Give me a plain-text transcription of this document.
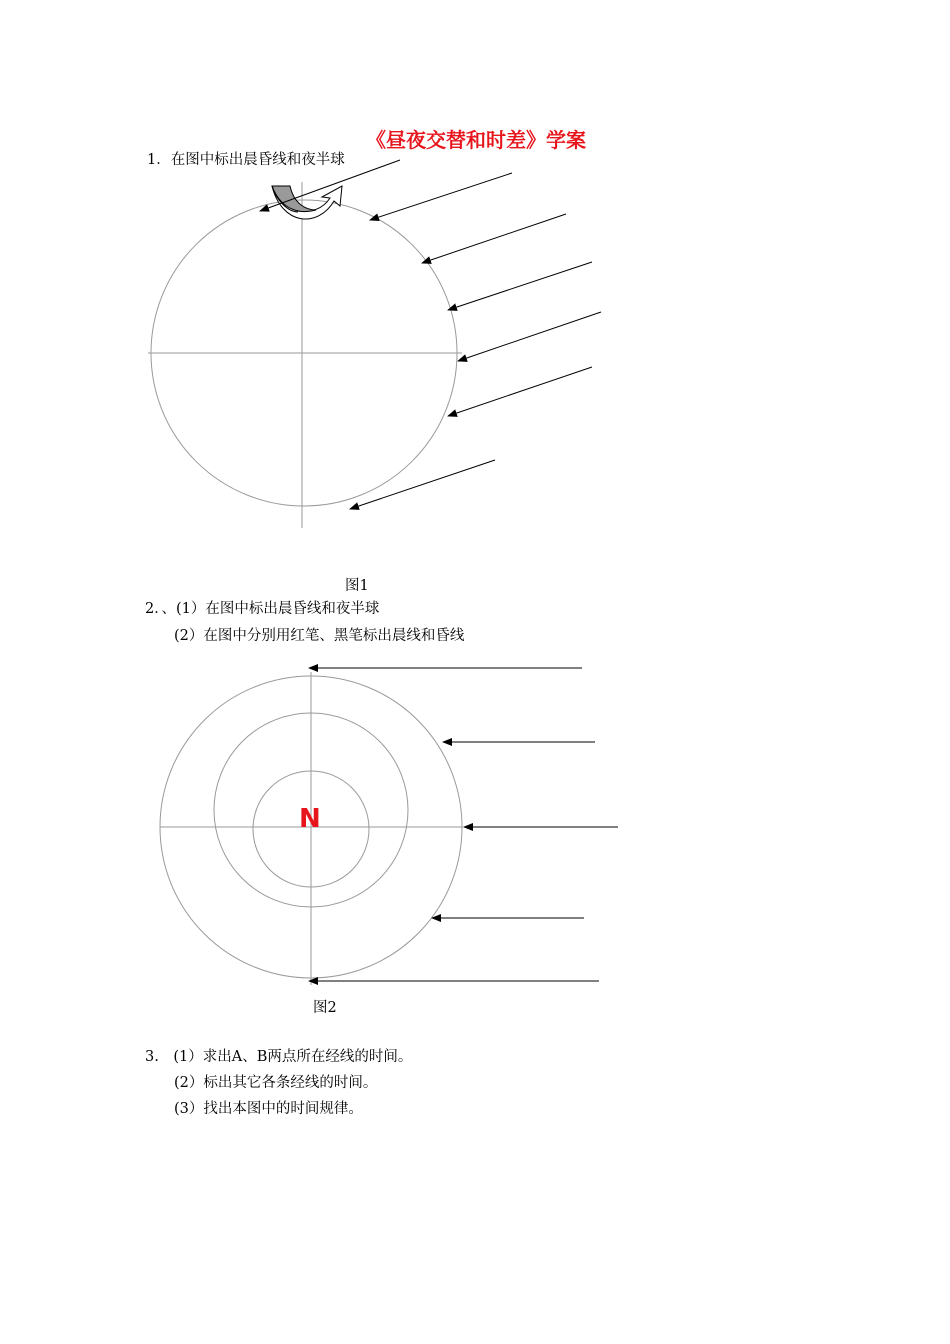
《昼夜交替和时差》学案
1．在图中标出晨昏线和夜半球
图1
2．、(1）在图中标出晨昏线和夜半球
(2）在图中分别用红笔、黑笔标出晨线和昏线
N
图2
3.　(1）求出A、B两点所在经线的时间。
(2）标出其它各条经线的时间。
(3）找出本图中的时间规律。
